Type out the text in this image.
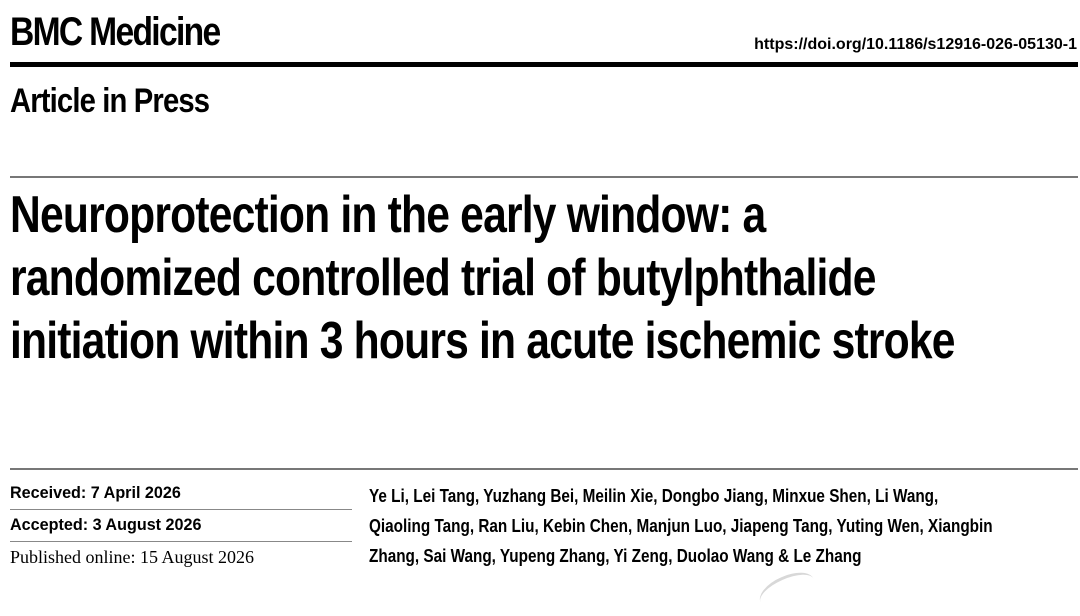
BMC Medicine	https://doi.org/10.1186/s12916-026-05130-1
Article in Press
Neuroprotection in the early window: a
randomized controlled trial of butylphthalide
initiation within 3 hours in acute ischemic stroke
Received: 7 April 2026
Accepted: 3 August 2026
Published online: 15 August 2026
Ye Li, Lei Tang, Yuzhang Bei, Meilin Xie, Dongbo Jiang, Minxue Shen, Li Wang,
Qiaoling Tang, Ran Liu, Kebin Chen, Manjun Luo, Jiapeng Tang, Yuting Wen, Xiangbin
Zhang, Sai Wang, Yupeng Zhang, Yi Zeng, Duolao Wang & Le Zhang
